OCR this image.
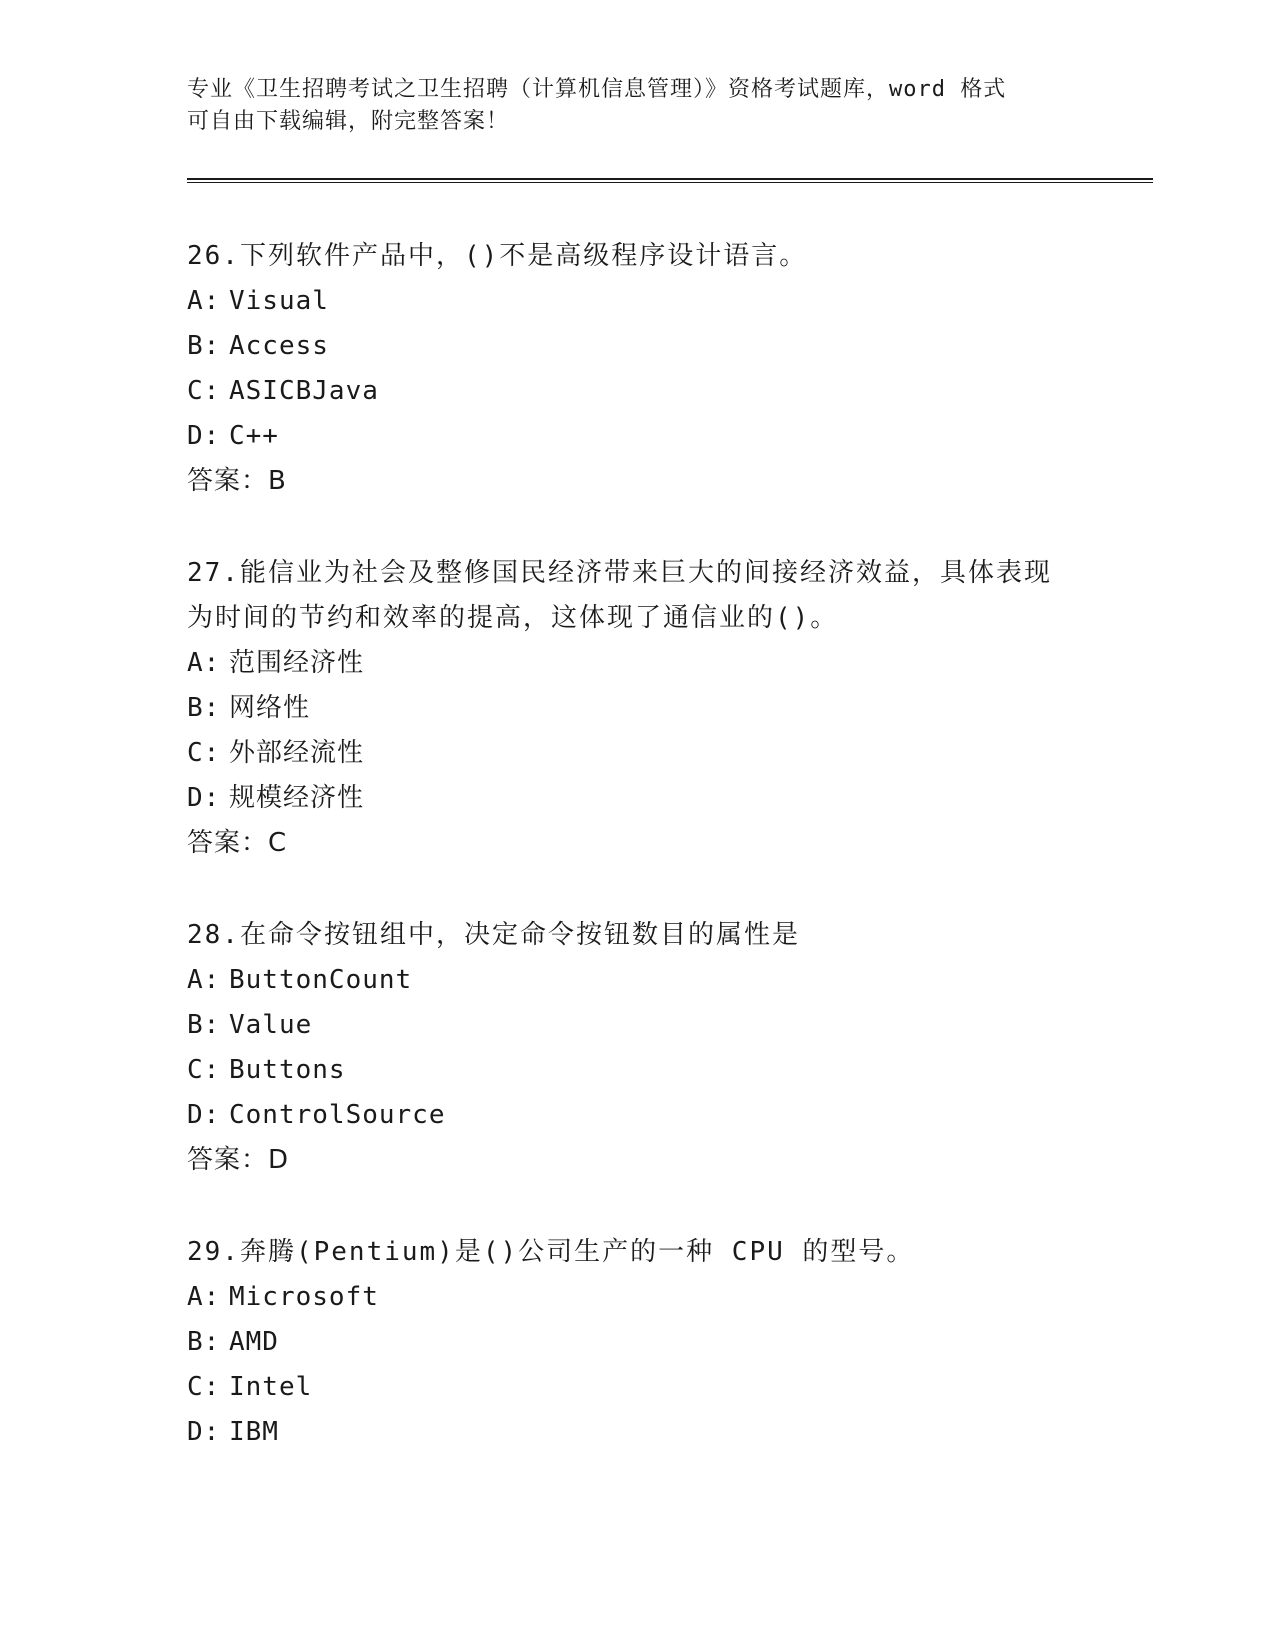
专业《卫生招聘考试之卫生招聘（计算机信息管理）》资格考试题库，word 格式
可自由下载编辑，附完整答案！

26.下列软件产品中，()不是高级程序设计语言。

A: Visual

B: Access

C: ASICBJava

D: C++

答案：B

27.能信业为社会及整修国民经济带来巨大的间接经济效益，具体表现为时间的节约和效率的提高，这体现了通信业的()。

A: 范围经济性

B: 网络性

C: 外部经流性

D: 规模经济性

答案：C

28.在命令按钮组中，决定命令按钮数目的属性是

A: ButtonCount

B: Value

C: Buttons

D: ControlSource

答案：D

29.奔腾(Pentium)是()公司生产的一种 CPU 的型号。

A: Microsoft

B: AMD

C: Intel

D: IBM
